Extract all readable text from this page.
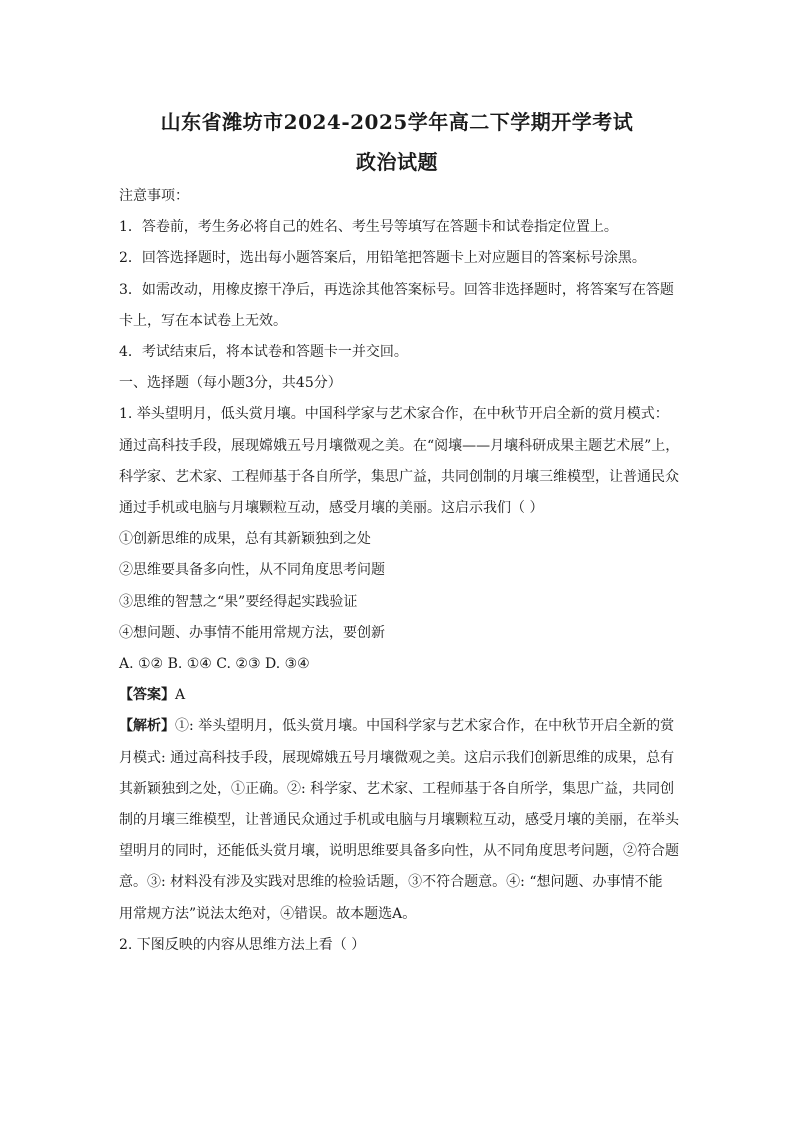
山东省潍坊市2024-2025学年高二下学期开学考试
政治试题
注意事项：
1．答卷前，考生务必将自己的姓名、考生号等填写在答题卡和试卷指定位置上。
2．回答选择题时，选出每小题答案后，用铅笔把答题卡上对应题目的答案标号涂黑。
3．如需改动，用橡皮擦干净后，再选涂其他答案标号。回答非选择题时，将答案写在答题
卡上，写在本试卷上无效。
4．考试结束后，将本试卷和答题卡一并交回。
一、选择题（每小题3分，共45分）
1. 举头望明月，低头赏月壤。中国科学家与艺术家合作，在中秋节开启全新的赏月模式：
通过高科技手段，展现嫦娥五号月壤微观之美。在“阅壤——月壤科研成果主题艺术展”上，
科学家、艺术家、工程师基于各自所学，集思广益，共同创制的月壤三维模型，让普通民众
通过手机或电脑与月壤颗粒互动，感受月壤的美丽。这启示我们（ ）
①创新思维的成果，总有其新颖独到之处
②思维要具备多向性，从不同角度思考问题
③思维的智慧之“果”要经得起实践验证
④想问题、办事情不能用常规方法，要创新
A. ①② B. ①④ C. ②③ D. ③④
【答案】A
【解析】①: 举头望明月，低头赏月壤。中国科学家与艺术家合作，在中秋节开启全新的赏
月模式: 通过高科技手段，展现嫦娥五号月壤微观之美。这启示我们创新思维的成果，总有
其新颖独到之处，①正确。②: 科学家、艺术家、工程师基于各自所学，集思广益，共同创
制的月壤三维模型，让普通民众通过手机或电脑与月壤颗粒互动，感受月壤的美丽，在举头
望明月的同时，还能低头赏月壤，说明思维要具备多向性，从不同角度思考问题，②符合题
意。③: 材料没有涉及实践对思维的检验话题，③不符合题意。④: “想问题、办事情不能
用常规方法”说法太绝对，④错误。故本题选A。
2. 下图反映的内容从思维方法上看（ ）
